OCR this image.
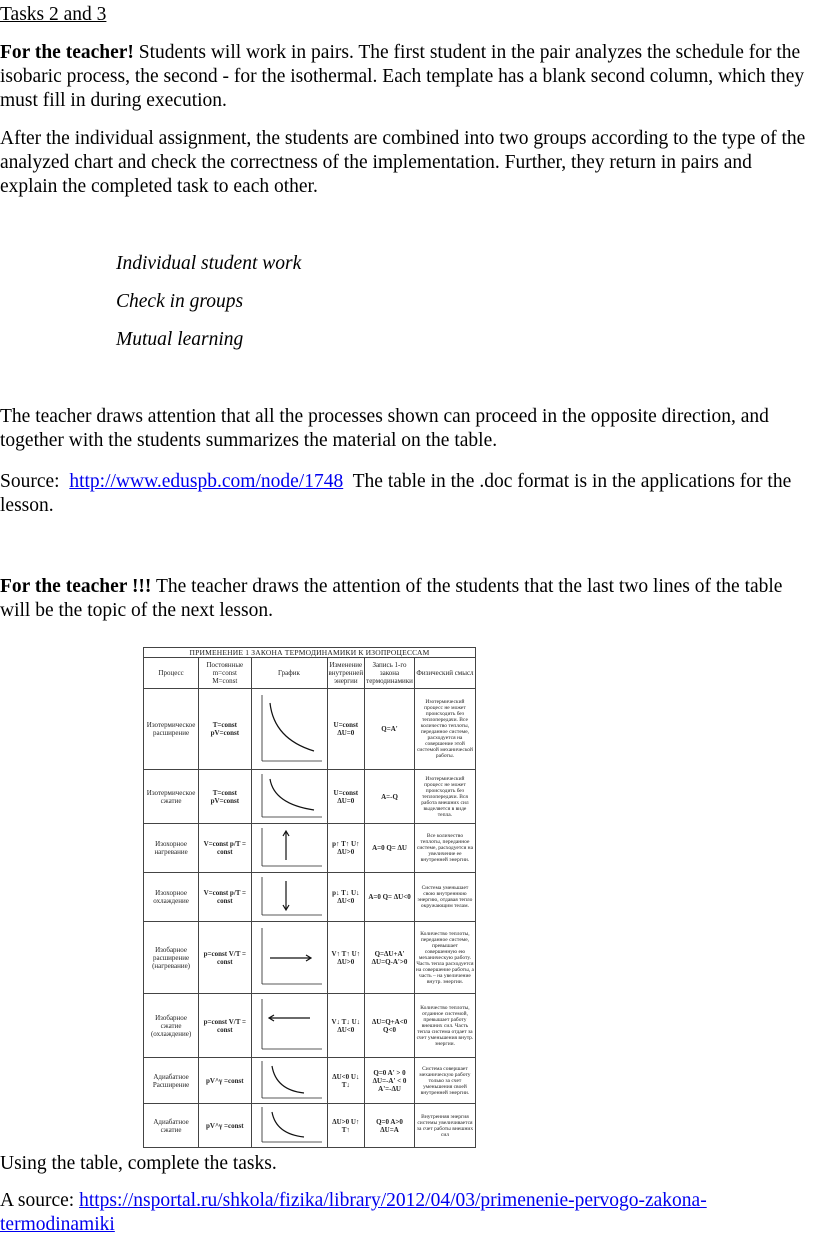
Tasks 2 and 3

For the teacher! Students will work in pairs. The first student in the pair analyzes the schedule for the isobaric process, the second - for the isothermal. Each template has a blank second column, which they must fill in during execution.

After the individual assignment, the students are combined into two groups according to the type of the analyzed chart and check the correctness of the implementation. Further, they return in pairs and explain the completed task to each other.

Individual student work
Check in groups
Mutual learning

The teacher draws attention that all the processes shown can proceed in the opposite direction, and together with the students summarizes the material on the table.

Source: http://www.eduspb.com/node/1748 The table in the .doc format is in the applications for the lesson.

For the teacher !!! The teacher draws the attention of the students that the last two lines of the table will be the topic of the next lesson.

ПРИМЕНЕНИЕ 1 ЗАКОНА ТЕРМОДИНАМИКИ К ИЗОПРОЦЕССАМ					
Процесс	Постоянные m=const M=const	График	Изменение внутренней энергии	Запись 1-го закона термодинамики	Физический смысл
Изотермическое расширение	T=const pV=const		U=const ΔU=0	Q=A'	Изотермический процесс не может происходить без теплопередачи. Все количество теплоты, переданное системе, расходуется на совершение этой системой механической работы.
Изотермическое сжатие	T=const pV=const		U=const ΔU=0	A=-Q	Изотермический процесс не может происходить без теплопередачи. Вся работа внешних сил выделяется в виде тепла.
Изохорное нагревание	V=const p/T = const		p↑ T↑ U↑ ΔU>0	A=0 Q= ΔU	Все количество теплоты, переданное системе, расходуется на увеличение ее внутренней энергии.
Изохорное охлаждение	V=const p/T = const		p↓ T↓ U↓ ΔU<0	A=0 Q= ΔU<0	Система уменьшает свою внутреннюю энергию, отдавая тепло окружающим телам.
Изобарное расширение (нагревание)	p=const V/T = const		V↑ T↑ U↑ ΔU>0	Q=ΔU+A' ΔU=Q-A'>0	Количество теплоты, переданное системе, превышает совершенную ею механическую работу. Часть тепла расходуется на совершение работы, а часть – на увеличение внутр. энергии.
Изобарное сжатие (охлаждение)	p=const V/T = const		V↓ T↓ U↓ ΔU<0	ΔU=Q+A<0 Q<0	Количество теплоты, отданное системой, превышает работу внешних сил. Часть тепла система отдает за счет уменьшения внутр. энергии.
Адиабатное Расширение	pV^γ =const		ΔU<0 U↓ T↓	Q=0 A' > 0 ΔU=-A' < 0 A'=-ΔU	Система совершает механическую работу только за счет уменьшения своей внутренней энергии.
Адиабатное сжатие	pV^γ =const		ΔU>0 U↑ T↑	Q=0 A>0 ΔU=A	Внутренняя энергия системы увеличивается за счет работы внешних сил

Using the table, complete the tasks.

A source: https://nsportal.ru/shkola/fizika/library/2012/04/03/primenenie-pervogo-zakona-
termodinamiki
